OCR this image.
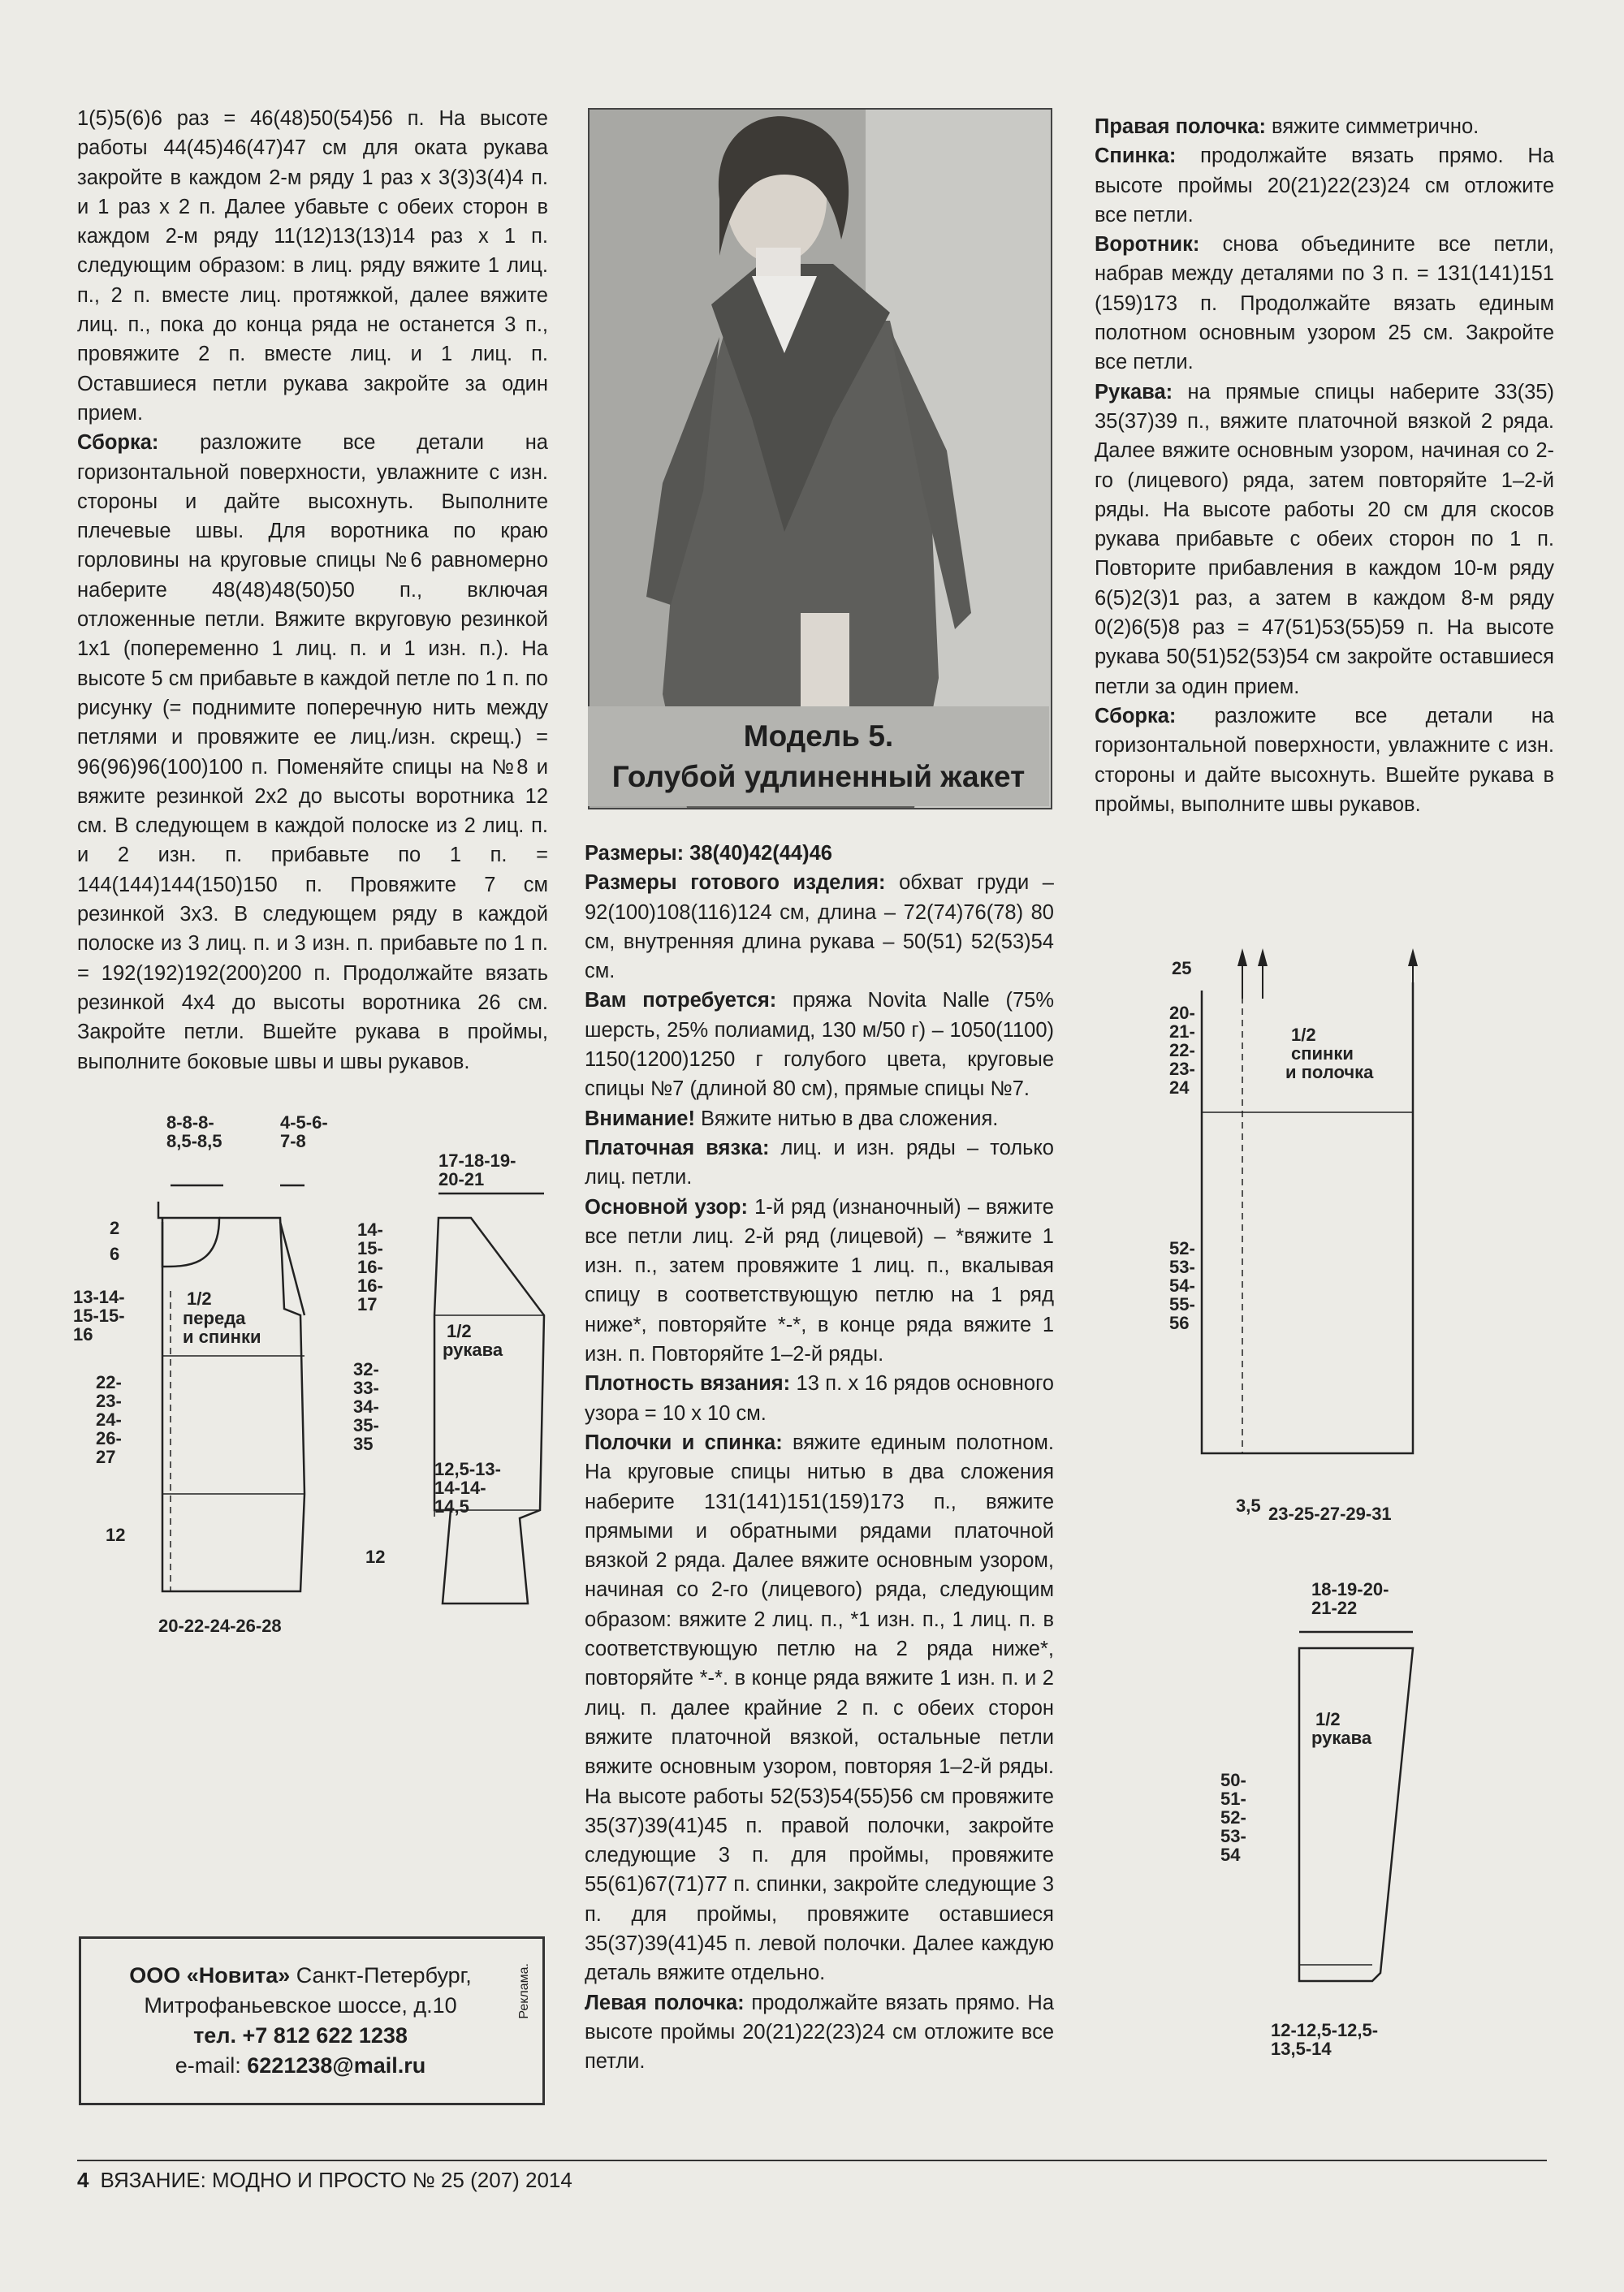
1(5)5(6)6 раз = 46(48)50(54)56 п. На высоте работы 44(45)46(47)47 см для оката рукава закройте в каждом 2-м ряду 1 раз х 3(3)3(4)4 п. и 1 раз х 2 п. Далее убавьте с обеих сторон в каждом 2-м ряду 11(12)13(13)14 раз х 1 п. следующим образом: в лиц. ряду вяжите 1 лиц. п., 2 п. вместе лиц. протяжкой, далее вяжите лиц. п., пока до конца ряда не останется 3 п., провяжите 2 п. вместе лиц. и 1 лиц. п. Оставшиеся петли рукава закройте за один прием.

Сборка: разложите все детали на горизонтальной поверхности, увлажните с изн. стороны и дайте высохнуть. Выполните плечевые швы. Для воротника по краю горловины на круговые спицы №6 равномерно наберите 48(48)48(50)50 п., включая отложенные петли. Вяжите вкруговую резинкой 1x1 (попеременно 1 лиц. п. и 1 изн. п.). На высоте 5 см прибавьте в каждой петле по 1 п. по рисунку (= поднимите поперечную нить между петлями и провяжите ее лиц./изн. скрещ.) = 96(96)96(100)100 п. Поменяйте спицы на №8 и вяжите резинкой 2x2 до высоты воротника 12 см. В следующем в каждой полоске из 2 лиц. п. и 2 изн. п. прибавьте по 1 п. = 144(144)144(150)150 п. Провяжите 7 см резинкой 3x3. В следующем ряду в каждой полоске из 3 лиц. п. и 3 изн. п. прибавьте по 1 п. = 192(192)192(200)200 п. Продолжайте вязать резинкой 4x4 до высоты воротника 26 см. Закройте петли. Вшейте рукава в проймы, выполните боковые швы и швы рукавов.

Модель 5.
Голубой удлиненный жакет

Размеры: 38(40)42(44)46

Размеры готового изделия: обхват груди – 92(100)108(116)124 см, длина – 72(74)76(78) 80 см, внутренняя длина рукава – 50(51) 52(53)54 см.

Вам потребуется: пряжа Novita Nalle (75% шерсть, 25% полиамид, 130 м/50 г) – 1050(1100) 1150(1200)1250 г голубого цвета, круговые спицы №7 (длиной 80 см), прямые спицы №7.

Внимание! Вяжите нитью в два сложения.

Платочная вязка: лиц. и изн. ряды – только лиц. петли.

Основной узор: 1-й ряд (изнаночный) – вяжите все петли лиц. 2-й ряд (лицевой) – *вяжите 1 изн. п., затем провяжите 1 лиц. п., вкалывая спицу в соответствующую петлю на 1 ряд ниже*, повторяйте *-*, в конце ряда вяжите 1 изн. п. Повторяйте 1–2-й ряды.

Плотность вязания: 13 п. х 16 рядов основного узора = 10 х 10 см.

Полочки и спинка: вяжите единым полотном. На круговые спицы нитью в два сложения наберите 131(141)151(159)173 п., вяжите прямыми и обратными рядами платочной вязкой 2 ряда. Далее вяжите основным узором, начиная со 2-го (лицевого) ряда, следующим образом: вяжите 2 лиц. п., *1 изн. п., 1 лиц. п. в соответствующую петлю на 2 ряда ниже*, повторяйте *-*. в конце ряда вяжите 1 изн. п. и 2 лиц. п. далее крайние 2 п. с обеих сторон вяжите платочной вязкой, остальные петли вяжите основным узором, повторяя 1–2-й ряды. На высоте работы 52(53)54(55)56 см провяжите 35(37)39(41)45 п. правой полочки, закройте следующие 3 п. для проймы, провяжите 55(61)67(71)77 п. спинки, закройте следующие 3 п. для проймы, провяжите оставшиеся 35(37)39(41)45 п. левой полочки. Далее каждую деталь вяжите отдельно.

Левая полочка: продолжайте вязать прямо. На высоте проймы 20(21)22(23)24 см отложите все петли.

Правая полочка: вяжите симметрично.

Спинка: продолжайте вязать прямо. На высоте проймы 20(21)22(23)24 см отложите все петли.

Воротник: снова объедините все петли, набрав между деталями по 3 п. = 131(141)151 (159)173 п. Продолжайте вязать единым полотном основным узором 25 см. Закройте все петли.

Рукава: на прямые спицы наберите 33(35) 35(37)39 п., вяжите платочной вязкой 2 ряда. Далее вяжите основным узором, начиная со 2-го (лицевого) ряда, затем повторяйте 1–2-й ряды. На высоте работы 20 см для скосов рукава прибавьте с обеих сторон по 1 п. Повторите прибавления в каждом 10-м ряду 6(5)2(3)1 раз, а затем в каждом 8-м ряду 0(2)6(5)8 раз = 47(51)53(55)59 п. На высоте рукава 50(51)52(53)54 см закройте оставшиеся петли за один прием.

Сборка: разложите все детали на горизонтальной поверхности, увлажните с изн. стороны и дайте высохнуть. Вшейте рукава в проймы, выполните швы рукавов.

8-8-8-
8,5-8,5
4-5-6-
7-8
2
6
13-14-
15-15-
16
1/2
переда
и спинки
22-
23-
24-
26-
27
12
20-22-24-26-28
17-18-19-
20-21
14-
15-
16-
16-
17
1/2
рукава
32-
33-
34-
35-
35
12,5-13-
14-14-
14,5
12
25
20-
21-
22-
23-
24
1/2
спинки
и полочка
52-
53-
54-
55-
56
3,5 23-25-27-29-31
18-19-20-
21-22
1/2
рукава
50-
51-
52-
53-
54
12-12,5-12,5-
13,5-14
ООО «Новита» Санкт-Петербург,
Митрофаньевское шоссе, д.10
тел. +7 812 622 1238
e-mail: 6221238@mail.ru
Реклама.
4 ВЯЗАНИЕ: МОДНО И ПРОСТО № 25 (207) 2014
